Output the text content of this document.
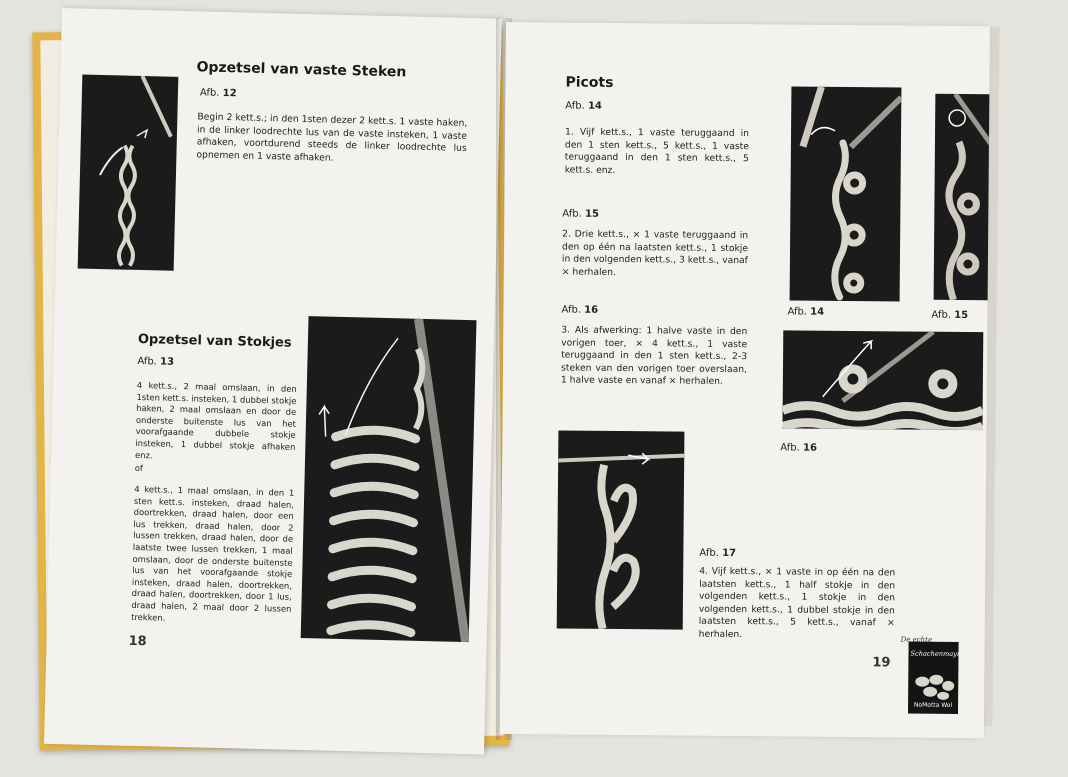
Opzetsel van vaste Steken
Afb. 12
Begin 2 kett.s.; in den 1sten dezer 2 kett.s. 1 vaste haken, in de linker loodrechte lus van de vaste insteken, 1 vaste afhaken, voortdurend steeds de linker loodrechte lus opnemen en 1 vaste afhaken.
Opzetsel van Stokjes
Afb. 13
4 kett.s., 2 maal omslaan, in den 1sten kett.s. insteken, 1 dubbel stokje haken, 2 maal omslaan en door de onderste buitenste lus van het voorafgaande dubbele stokje insteken, 1 dubbel stokje afhaken enz.
of
4 kett.s., 1 maal omslaan, in den 1 sten kett.s. insteken, draad halen, doortrekken, draad halen, door een lus trekken, draad halen, door 2 lussen trekken, draad halen, door de laatste twee lussen trekken, 1 maal omslaan, door de onderste buitenste lus van het voorafgaande stokje insteken, draad halen, doortrekken, draad halen, doortrekken, door 1 lus, draad halen, 2 maal door 2 lussen trekken.
18
Picots
Afb. 14
1. Vijf kett.s., 1 vaste teruggaand in den 1 sten kett.s., 5 kett.s., 1 vaste teruggaand in den 1 sten kett.s., 5 kett.s. enz.
Afb. 15
2. Drie kett.s., ⨯ 1 vaste teruggaand in den op één na laatsten kett.s., 1 stokje in den volgenden kett.s., 3 kett.s., vanaf ⨯ herhalen.
Afb. 16
3. Als afwerking: 1 halve vaste in den vorigen toer, ⨯ 4 kett.s., 1 vaste teruggaand in den 1 sten kett.s., 2-3 steken van den vorigen toer overslaan, 1 halve vaste en vanaf ⨯ herhalen.
Afb. 14	Afb. 15
Afb. 16
Afb. 17
4. Vijf kett.s., ⨯ 1 vaste in op één na den laatsten kett.s., 1 half stokje in den volgenden kett.s., 1 stokje in den volgenden kett.s., 1 dubbel stokje in den laatsten kett.s., 5 kett.s., vanaf ⨯ herhalen.
19
De echte
Schachenmayr
NoMotta Wol
